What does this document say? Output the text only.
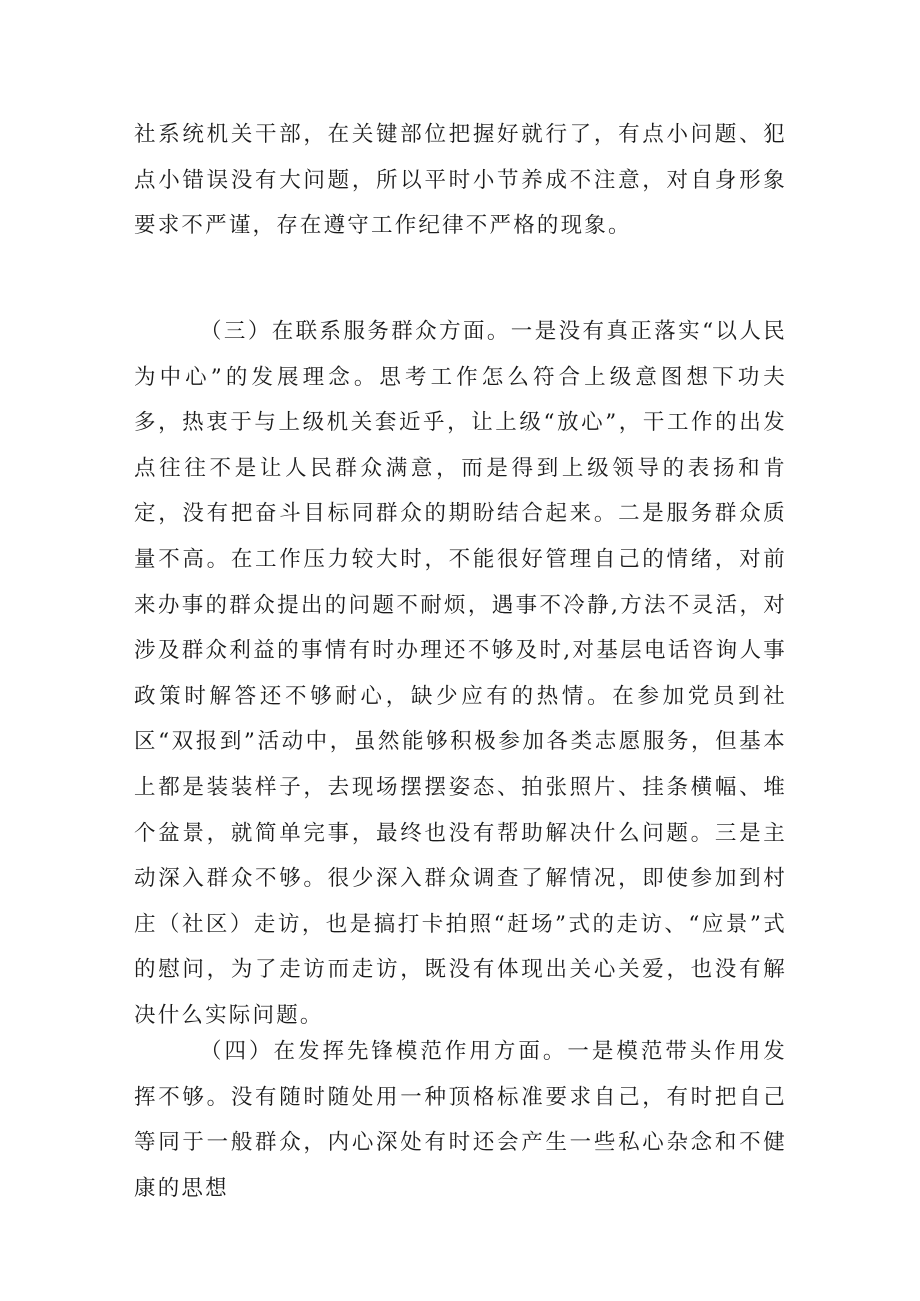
社系统机关干部，在关键部位把握好就行了，有点小问题、犯点小错误没有大问题，所以平时小节养成不注意，对自身形象要求不严谨，存在遵守工作纪律不严格的现象。

（三）在联系服务群众方面。一是没有真正落实“以人民为中心”的发展理念。思考工作怎么符合上级意图想下功夫多，热衷于与上级机关套近乎，让上级“放心”，干工作的出发点往往不是让人民群众满意，而是得到上级领导的表扬和肯定，没有把奋斗目标同群众的期盼结合起来。二是服务群众质量不高。在工作压力较大时，不能很好管理自己的情绪，对前来办事的群众提出的问题不耐烦，遇事不冷静,方法不灵活，对涉及群众利益的事情有时办理还不够及时,对基层电话咨询人事政策时解答还不够耐心，缺少应有的热情。在参加党员到社区“双报到”活动中，虽然能够积极参加各类志愿服务，但基本上都是装装样子，去现场摆摆姿态、拍张照片、挂条横幅、堆个盆景，就简单完事，最终也没有帮助解决什么问题。三是主动深入群众不够。很少深入群众调查了解情况，即使参加到村庄（社区）走访，也是搞打卡拍照“赶场”式的走访、“应景”式的慰问，为了走访而走访，既没有体现出关心关爱，也没有解决什么实际问题。

（四）在发挥先锋模范作用方面。一是模范带头作用发挥不够。没有随时随处用一种顶格标准要求自己，有时把自己等同于一般群众，内心深处有时还会产生一些私心杂念和不健康的思想
